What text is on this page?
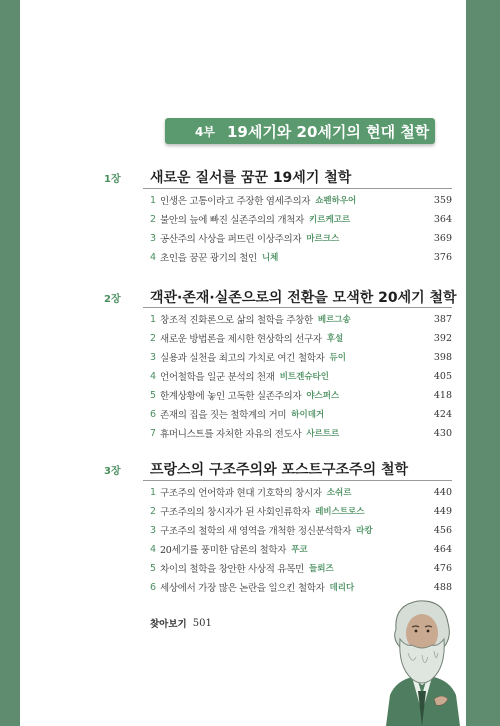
4부 19세기와 20세기의 현대 철학
1장 새로운 질서를 꿈꾼 19세기 철학
1 인생은 고통이라고 주장한 염세주의자 쇼펜하우어	359
2 불안의 늪에 빠진 실존주의의 개척자 키르케고르	364
3 공산주의 사상을 퍼뜨린 이상주의자 마르크스	369
4 초인을 꿈꾼 광기의 철인 니체	376
2장 객관·존재·실존으로의 전환을 모색한 20세기 철학
1 창조적 진화론으로 삶의 철학을 주창한 베르그송	387
2 새로운 방법론을 제시한 현상학의 선구자 후설	392
3 실용과 실천을 최고의 가치로 여긴 철학자 듀이	398
4 언어철학을 일군 분석의 천재 비트겐슈타인	405
5 한계상황에 놓인 고독한 실존주의자 야스퍼스	418
6 존재의 집을 짓는 철학계의 거미 하이데거	424
7 휴머니스트를 자처한 자유의 전도사 사르트르	430
3장 프랑스의 구조주의와 포스트구조주의 철학
1 구조주의 언어학과 현대 기호학의 창시자 소쉬르	440
2 구조주의의 창시자가 된 사회인류학자 레비스트로스	449
3 구조주의 철학의 새 영역을 개척한 정신분석학자 라캉	456
4 20세기를 풍미한 담론의 철학자 푸코	464
5 차이의 철학을 창안한 사상적 유목민 들뢰즈	476
6 세상에서 가장 많은 논란을 일으킨 철학자 데리다	488
찾아보기 501
